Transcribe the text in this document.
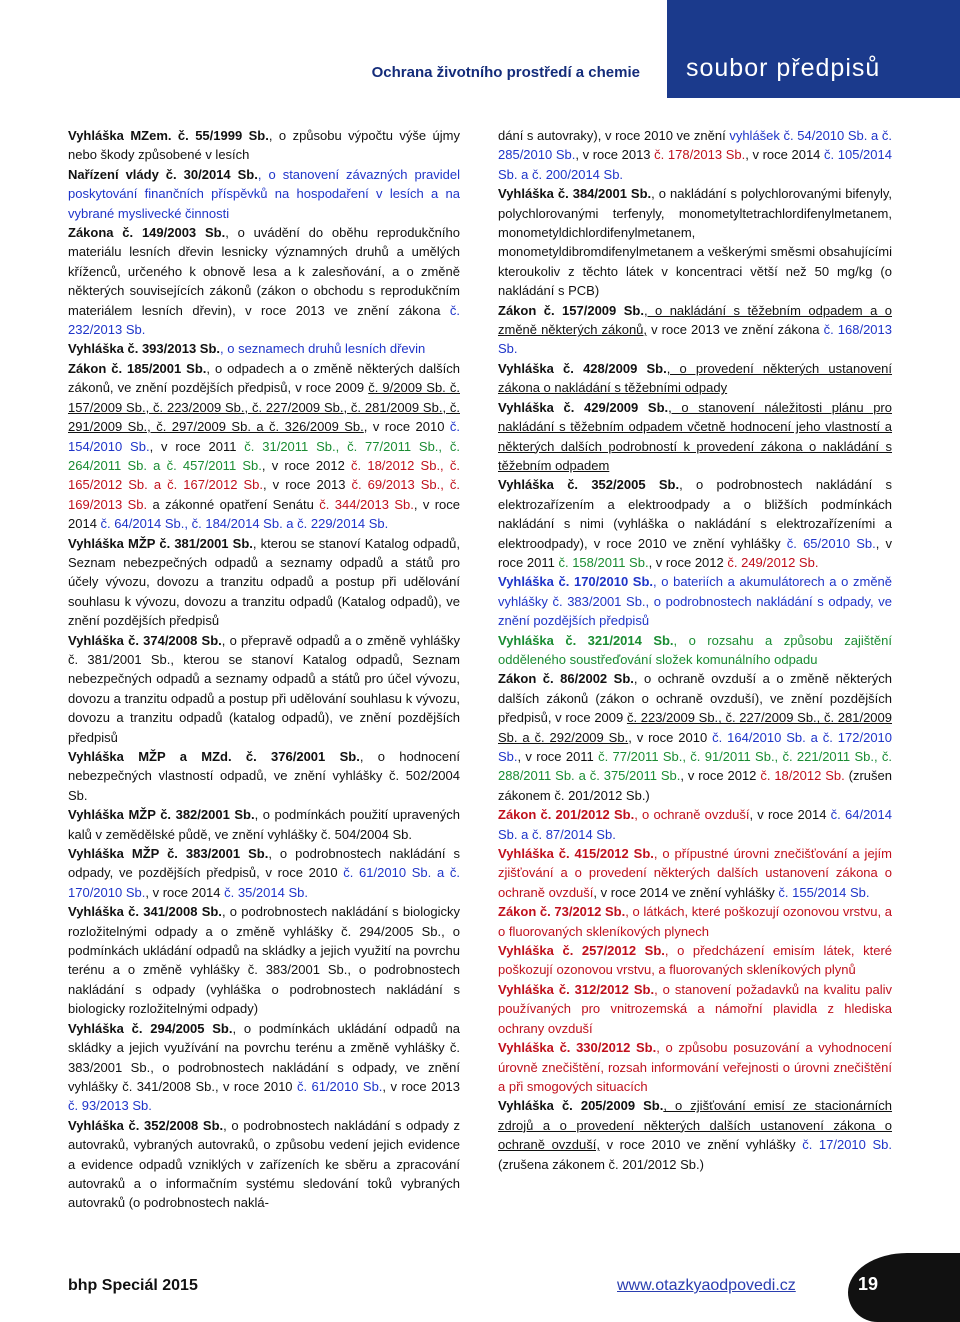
Ochrana životního prostředí a chemie soubor předpisů

Vyhláška MZem. č. 55/1999 Sb., o způsobu výpočtu výše újmy nebo škody způsobené v lesích

Nařízení vlády č. 30/2014 Sb., o stanovení závazných pravidel poskytování finančních příspěvků na hospodaření v lesích a na vybrané myslivecké činnosti

Zákona č. 149/2003 Sb., o uvádění do oběhu reprodukčního materiálu lesních dřevin lesnicky významných druhů a umělých kříženců, určeného k obnově lesa a k zalesňování, a o změně některých souvisejících zákonů (zákon o obchodu s reprodukčním materiálem lesních dřevin), v roce 2013 ve znění zákona č. 232/2013 Sb.

Vyhláška č. 393/2013 Sb., o seznamech druhů lesních dřevin

Zákon č. 185/2001 Sb., o odpadech a o změně některých dalších zákonů, ve znění pozdějších předpisů, v roce 2009 č. 9/2009 Sb. č. 157/2009 Sb., č. 223/2009 Sb., č. 227/2009 Sb., č. 281/2009 Sb., č. 291/2009 Sb., č. 297/2009 Sb. a č. 326/2009 Sb., v roce 2010 č. 154/2010 Sb., v roce 2011 č. 31/2011 Sb., č. 77/2011 Sb., č. 264/2011 Sb. a č. 457/2011 Sb., v roce 2012 č. 18/2012 Sb., č. 165/2012 Sb. a č. 167/2012 Sb., v roce 2013 č. 69/2013 Sb., č. 169/2013 Sb. a zákonné opatření Senátu č. 344/2013 Sb., v roce 2014 č. 64/2014 Sb., č. 184/2014 Sb. a č. 229/2014 Sb.

Vyhláška MŽP č. 381/2001 Sb., kterou se stanoví Katalog odpadů, Seznam nebezpečných odpadů a seznamy odpadů a států pro účely vývozu, dovozu a tranzitu odpadů a postup při udělování souhlasu k vývozu, dovozu a tranzitu odpadů (Katalog odpadů), ve znění pozdějších předpisů

Vyhláška č. 374/2008 Sb., o přepravě odpadů a o změně vyhlášky č. 381/2001 Sb., kterou se stanoví Katalog odpadů, Seznam nebezpečných odpadů a seznamy odpadů a států pro účel vývozu, dovozu a tranzitu odpadů a postup při udělování souhlasu k vývozu, dovozu a tranzitu odpadů (katalog odpadů), ve znění pozdějších předpisů

Vyhláška MŽP a MZd. č. 376/2001 Sb., o hodnocení nebezpečných vlastností odpadů, ve znění vyhlášky č. 502/2004 Sb.

Vyhláška MŽP č. 382/2001 Sb., o podmínkách použití upravených kalů v zemědělské půdě, ve znění vyhlášky č. 504/2004 Sb.

Vyhláška MŽP č. 383/2001 Sb., o podrobnostech nakládání s odpady, ve pozdějších předpisů, v roce 2010 č. 61/2010 Sb. a č. 170/2010 Sb., v roce 2014 č. 35/2014 Sb.

Vyhláška č. 341/2008 Sb., o podrobnostech nakládání s biologicky rozložitelnými odpady a o změně vyhlášky č. 294/2005 Sb., o podmínkách ukládání odpadů na skládky a jejich využití na povrchu terénu a o změně vyhlášky č. 383/2001 Sb., o podrobnostech nakládání s odpady (vyhláška o podrobnostech nakládání s biologicky rozložitelnými odpady)

Vyhláška č. 294/2005 Sb., o podmínkách ukládání odpadů na skládky a jejich využívání na povrchu terénu a změně vyhlášky č. 383/2001 Sb., o podrobnostech nakládání s odpady, ve znění vyhlášky č. 341/2008 Sb., v roce 2010 č. 61/2010 Sb., v roce 2013 č. 93/2013 Sb.

Vyhláška č. 352/2008 Sb., o podrobnostech nakládání s odpady z autovraků, vybraných autovraků, o způsobu vedení jejich evidence a evidence odpadů vzniklých v zařízeních ke sběru a zpracování autovraků a o informačním systému sledování toků vybraných autovraků (o podrobnostech naklá-

dání s autovraky), v roce 2010 ve znění vyhlášek č. 54/2010 Sb. a č. 285/2010 Sb., v roce 2013 č. 178/2013 Sb., v roce 2014 č. 105/2014 Sb. a č. 200/2014 Sb.

Vyhláška č. 384/2001 Sb., o nakládání s polychlorovanými bifenyly, polychlorovanými terfenyly, monometyltetrachlordifenylmetanem, monometyldichlordifenylmetanem, monometyldibromdifenylmetanem a veškerými směsmi obsahujícími kteroukoliv z těchto látek v koncentraci větší než 50 mg/kg (o nakládání s PCB)

Zákon č. 157/2009 Sb., o nakládání s těžebním odpadem a o změně některých zákonů, v roce 2013 ve znění zákona č. 168/2013 Sb.

Vyhláška č. 428/2009 Sb., o provedení některých ustanovení zákona o nakládání s těžebními odpady

Vyhláška č. 429/2009 Sb., o stanovení náležitosti plánu pro nakládání s těžebním odpadem včetně hodnocení jeho vlastností a některých dalších podrobností k provedení zákona o nakládání s těžebním odpadem

Vyhláška č. 352/2005 Sb., o podrobnostech nakládání s elektrozařízením a elektroodpady a o bližších podmínkách nakládání s nimi (vyhláška o nakládání s elektrozařízeními a elektroodpady), v roce 2010 ve znění vyhlášky č. 65/2010 Sb., v roce 2011 č. 158/2011 Sb., v roce 2012 č. 249/2012 Sb.

Vyhláška č. 170/2010 Sb., o bateriích a akumulátorech a o změně vyhlášky č. 383/2001 Sb., o podrobnostech nakládání s odpady, ve znění pozdějších předpisů

Vyhláška č. 321/2014 Sb., o rozsahu a způsobu zajištění odděleného soustřeďování složek komunálního odpadu

Zákon č. 86/2002 Sb., o ochraně ovzduší a o změně některých dalších zákonů (zákon o ochraně ovzduší), ve znění pozdějších předpisů, v roce 2009 č. 223/2009 Sb., č. 227/2009 Sb., č. 281/2009 Sb. a č. 292/2009 Sb., v roce 2010 č. 164/2010 Sb. a č. 172/2010 Sb., v roce 2011 č. 77/2011 Sb., č. 91/2011 Sb., č. 221/2011 Sb., č. 288/2011 Sb. a č. 375/2011 Sb., v roce 2012 č. 18/2012 Sb. (zrušen zákonem č. 201/2012 Sb.)

Zákon č. 201/2012 Sb., o ochraně ovzduší, v roce 2014 č. 64/2014 Sb. a č. 87/2014 Sb.

Vyhláška č. 415/2012 Sb., o přípustné úrovni znečišťování a jejím zjišťování a o provedení některých dalších ustanovení zákona o ochraně ovzduší, v roce 2014 ve znění vyhlášky č. 155/2014 Sb.

Zákon č. 73/2012 Sb., o látkách, které poškozují ozonovou vrstvu, a o fluorovaných skleníkových plynech

Vyhláška č. 257/2012 Sb., o předcházení emisím látek, které poškozují ozonovou vrstvu, a fluorovaných skleníkových plynů

Vyhláška č. 312/2012 Sb., o stanovení požadavků na kvalitu paliv používaných pro vnitrozemská a námořní plavidla z hlediska ochrany ovzduší

Vyhláška č. 330/2012 Sb., o způsobu posuzování a vyhodnocení úrovně znečištění, rozsah informování veřejnosti o úrovni znečištění a při smogových situacích

Vyhláška č. 205/2009 Sb., o zjišťování emisí ze stacionárních zdrojů a o provedení některých dalších ustanovení zákona o ochraně ovzduší, v roce 2010 ve znění vyhlášky č. 17/2010 Sb. (zrušena zákonem č. 201/2012 Sb.)

bhp Speciál 2015	www.otazkyaodpovedi.cz	19
